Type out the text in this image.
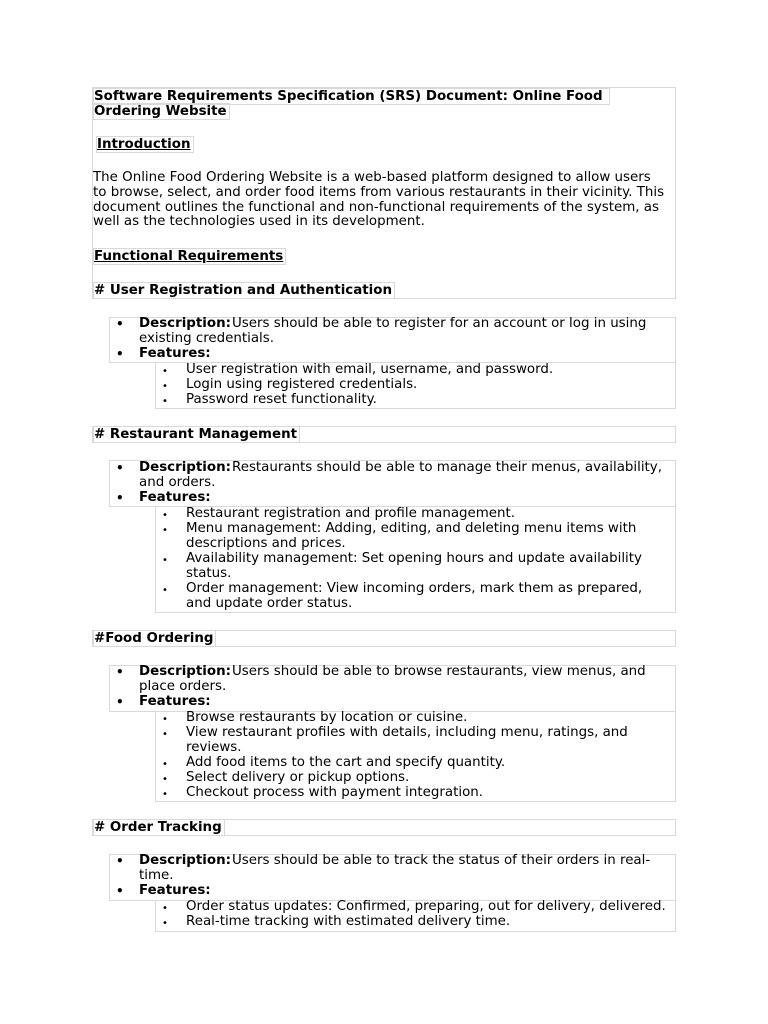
Software Requirements Specification (SRS) Document: Online Food
Ordering Website
Introduction
The Online Food Ordering Website is a web-based platform designed to allow users
to browse, select, and order food items from various restaurants in their vicinity. This
document outlines the functional and non-functional requirements of the system, as
well as the technologies used in its development.
Functional Requirements
# User Registration and Authentication
• Description: Users should be able to register for an account or log in using
existing credentials.
• Features:
• User registration with email, username, and password.
• Login using registered credentials.
• Password reset functionality.
# Restaurant Management
• Description: Restaurants should be able to manage their menus, availability,
and orders.
• Features:
• Restaurant registration and profile management.
• Menu management: Adding, editing, and deleting menu items with
descriptions and prices.
• Availability management: Set opening hours and update availability
status.
• Order management: View incoming orders, mark them as prepared,
and update order status.
#Food Ordering
• Description: Users should be able to browse restaurants, view menus, and
place orders.
• Features:
• Browse restaurants by location or cuisine.
• View restaurant profiles with details, including menu, ratings, and
reviews.
• Add food items to the cart and specify quantity.
• Select delivery or pickup options.
• Checkout process with payment integration.
# Order Tracking
• Description: Users should be able to track the status of their orders in real-
time.
• Features:
• Order status updates: Confirmed, preparing, out for delivery, delivered.
• Real-time tracking with estimated delivery time.
